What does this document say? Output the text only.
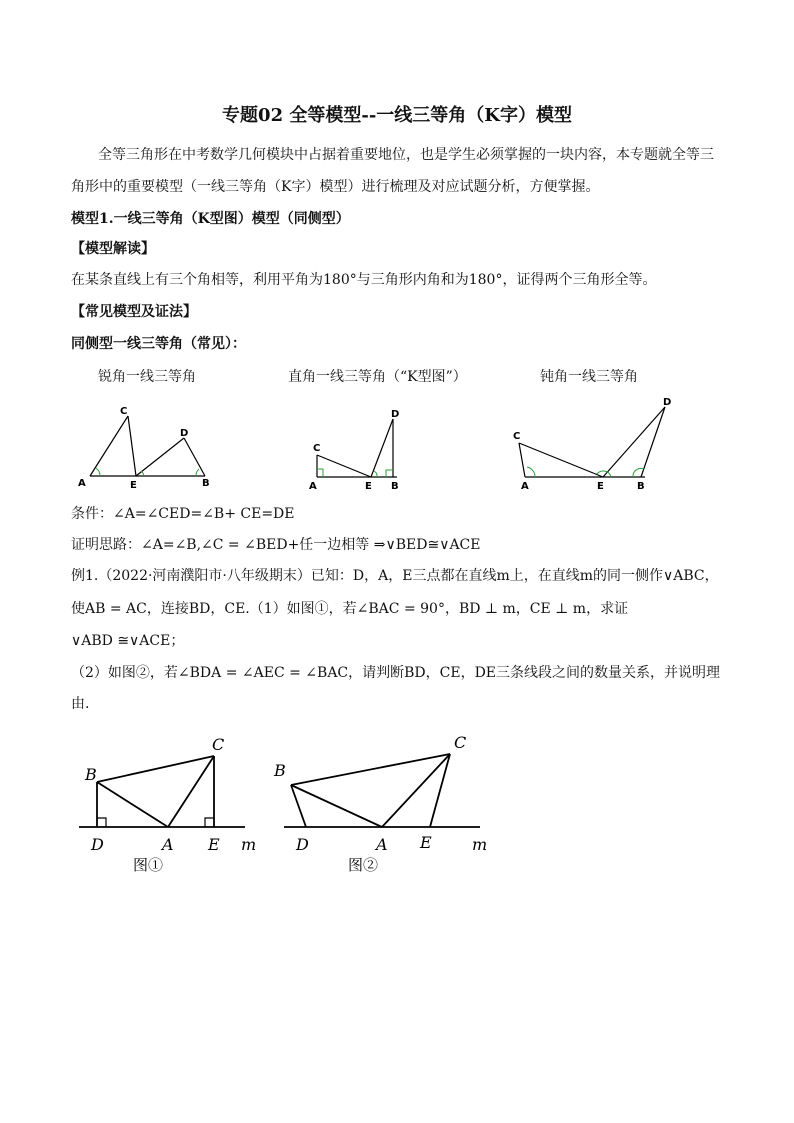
专题02 全等模型--一线三等角（K字）模型
全等三角形在中考数学几何模块中占据着重要地位，也是学生必须掌握的一块内容，本专题就全等三
角形中的重要模型（一线三等角（K字）模型）进行梳理及对应试题分析，方便掌握。
模型1.一线三等角（K型图）模型（同侧型）
【模型解读】
在某条直线上有三个角相等，利用平角为180°与三角形内角和为180°，证得两个三角形全等。
【常见模型及证法】
同侧型一线三等角（常见）：
锐角一线三等角	直角一线三等角（“K型图”）	钝角一线三等角
C
D
A	E	B
C
D
A	E B
C
D
A	E	B
条件：∠A=∠CED=∠B+ CE=DE
证明思路：∠A=∠B,∠C = ∠BED+任一边相等 ⇒∨BED≅∨ACE
例1.（2022·河南濮阳市·八年级期末）已知：D，A，E三点都在直线m上，在直线m的同一侧作∨ABC，
使AB = AC，连接BD，CE.（1）如图①，若∠BAC = 90°，BD ⊥ m，CE ⊥ m，求证
∨ABD ≅∨ACE；
（2）如图②，若∠BDA = ∠AEC = ∠BAC，请判断BD，CE，DE三条线段之间的数量关系，并说明理
由.
C
B
D	A E m
图①
C
B
D	A E	m
图②
